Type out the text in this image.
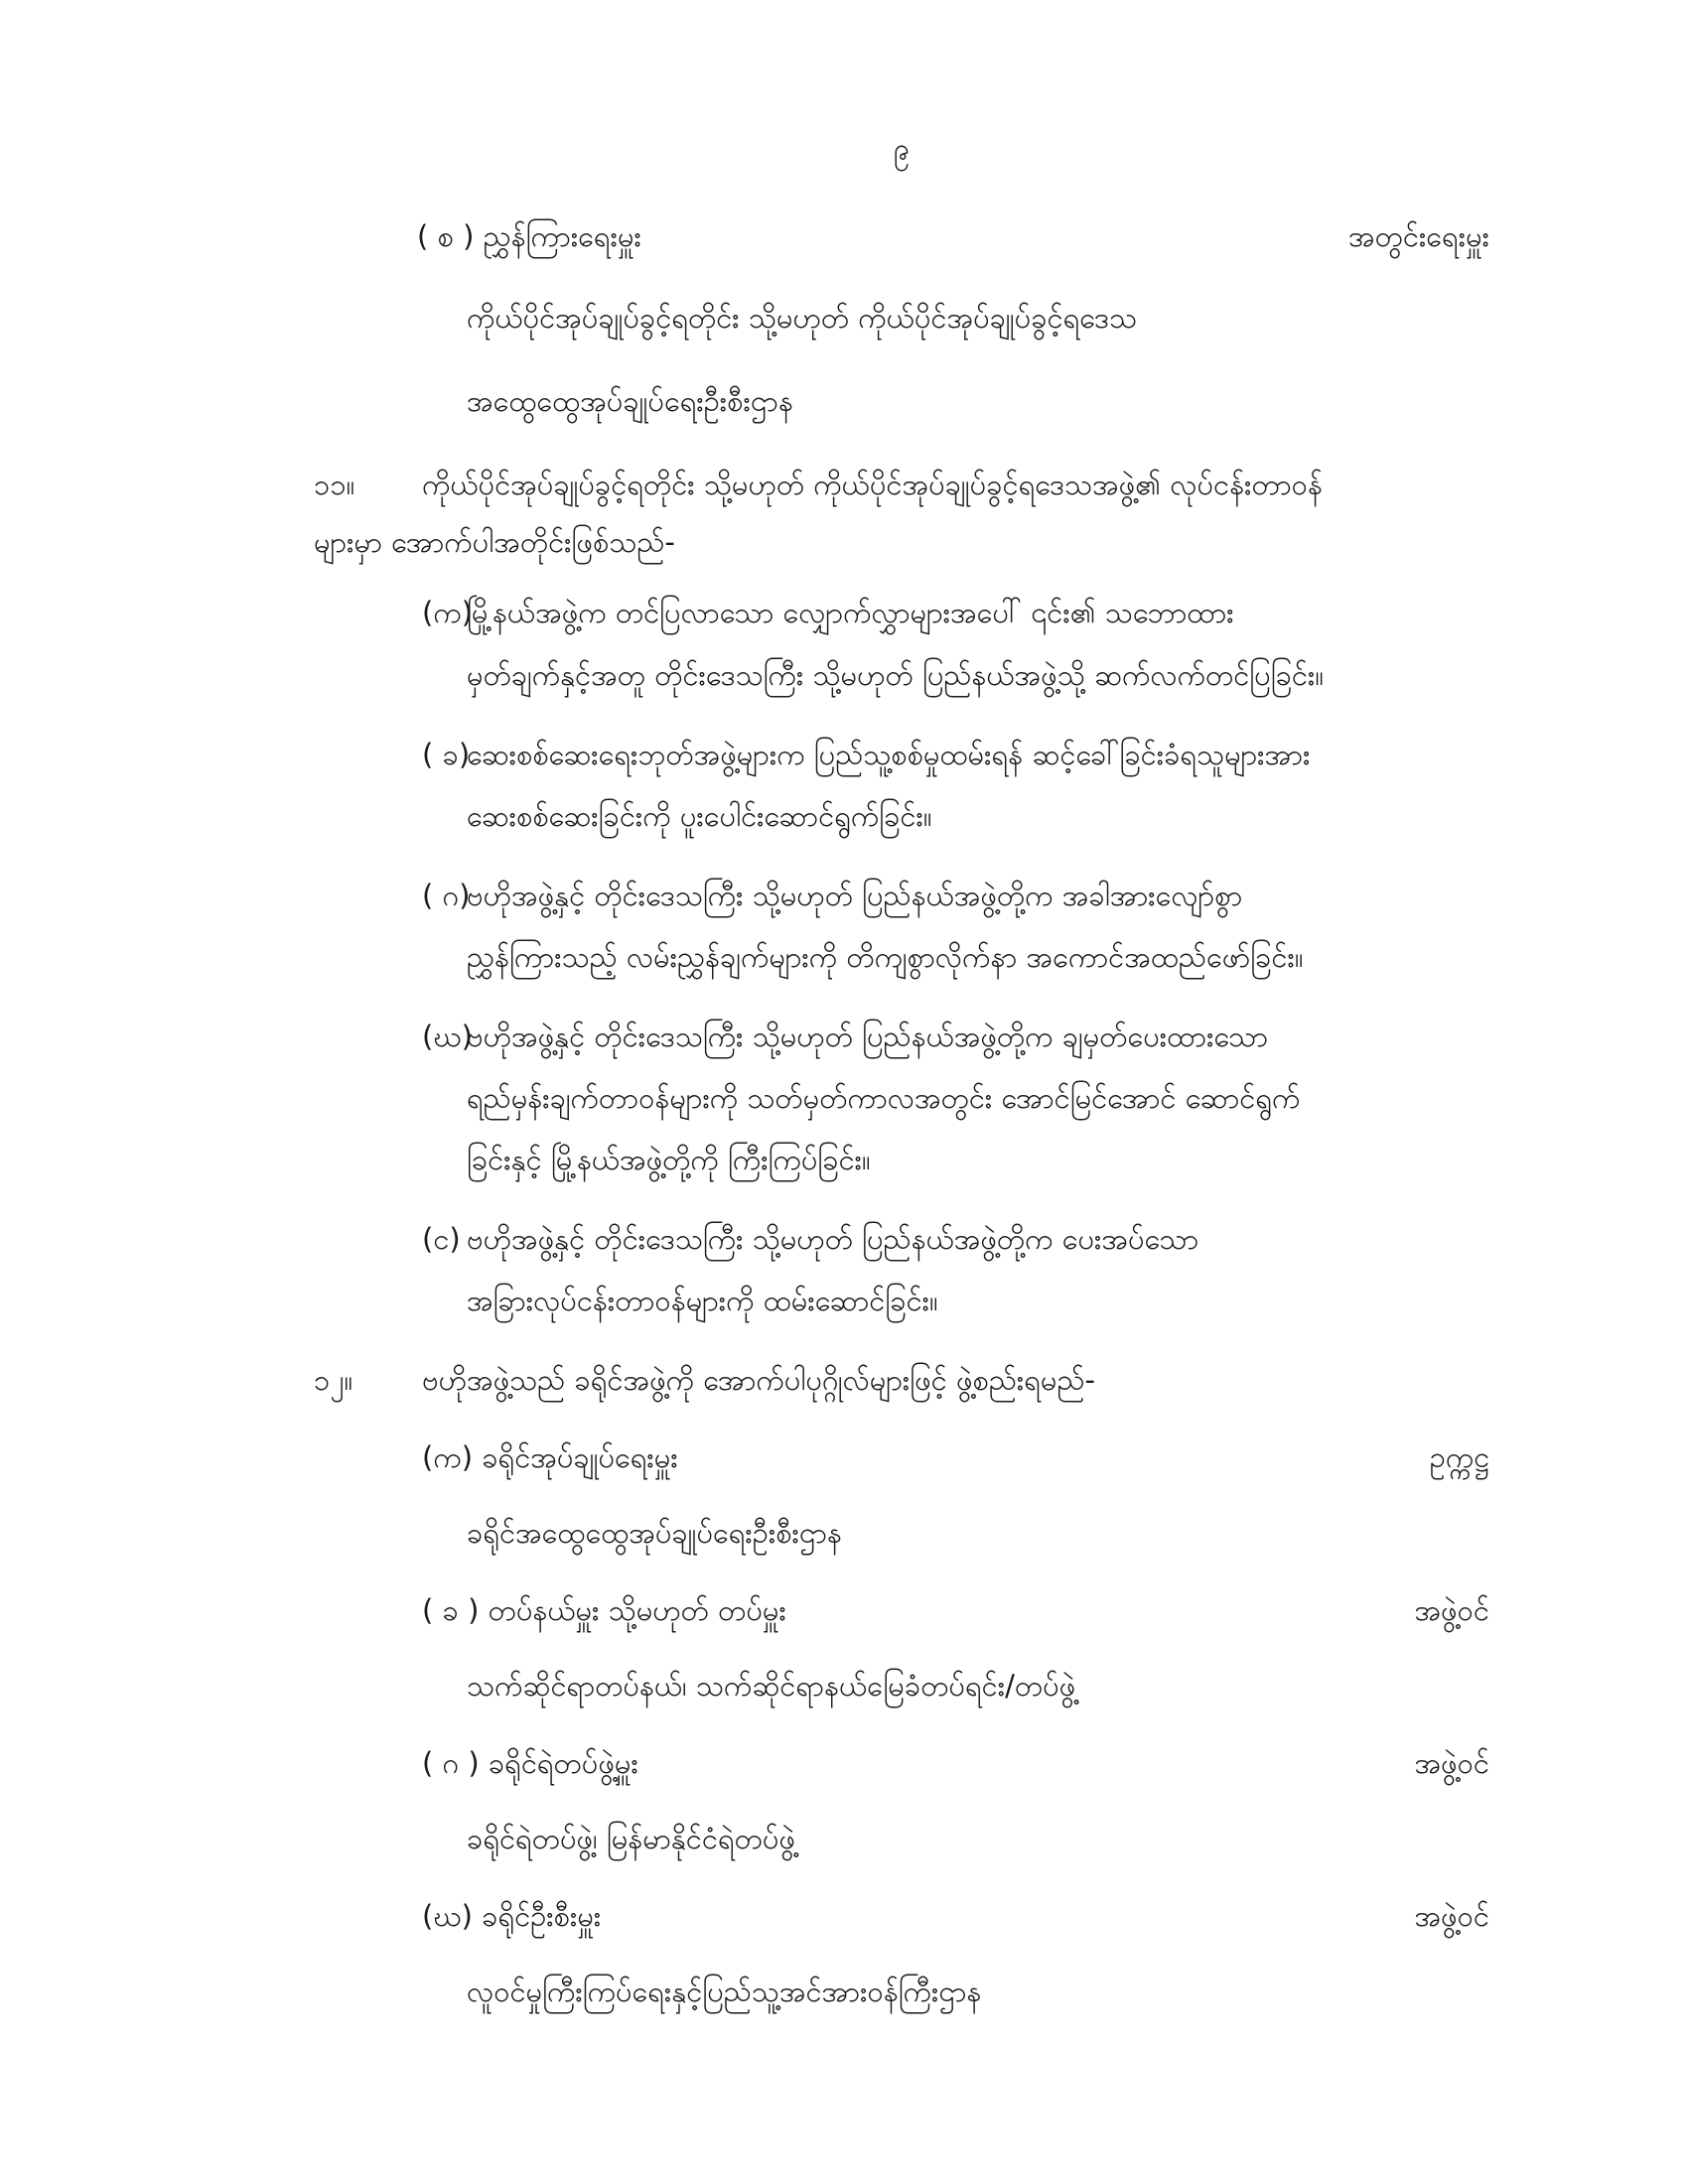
၉
( စ ) ညွှန်ကြားရေးမှူး	အတွင်းရေးမှူး
ကိုယ်ပိုင်အုပ်ချုပ်ခွင့်ရတိုင်း သို့မဟုတ် ကိုယ်ပိုင်အုပ်ချုပ်ခွင့်ရဒေသ
အထွေထွေအုပ်ချုပ်ရေးဦးစီးဌာန
၁၁။ ကိုယ်ပိုင်အုပ်ချုပ်ခွင့်ရတိုင်း သို့မဟုတ် ကိုယ်ပိုင်အုပ်ချုပ်ခွင့်ရဒေသအဖွဲ့၏ လုပ်ငန်းတာဝန်
များမှာ အောက်ပါအတိုင်းဖြစ်သည်-
(က)
မြို့နယ်အဖွဲ့က တင်ပြလာသော လျှောက်လွှာများအပေါ် ၎င်း၏ သဘောထား
မှတ်ချက်နှင့်အတူ တိုင်းဒေသကြီး သို့မဟုတ် ပြည်နယ်အဖွဲ့သို့ ဆက်လက်တင်ပြခြင်း။
( ခ)
ဆေးစစ်ဆေးရေးဘုတ်အဖွဲ့များက ပြည်သူ့စစ်မှုထမ်းရန် ဆင့်ခေါ်ခြင်းခံရသူများအား
ဆေးစစ်ဆေးခြင်းကို ပူးပေါင်းဆောင်ရွက်ခြင်း။
( ဂ)
ဗဟိုအဖွဲ့နှင့် တိုင်းဒေသကြီး သို့မဟုတ် ပြည်နယ်အဖွဲ့တို့က အခါအားလျော်စွာ
ညွှန်ကြားသည့် လမ်းညွှန်ချက်များကို တိကျစွာလိုက်နာ အကောင်အထည်ဖော်ခြင်း။
(ဃ)
ဗဟိုအဖွဲ့နှင့် တိုင်းဒေသကြီး သို့မဟုတ် ပြည်နယ်အဖွဲ့တို့က ချမှတ်ပေးထားသော
ရည်မှန်းချက်တာဝန်များကို သတ်မှတ်ကာလအတွင်း အောင်မြင်အောင် ဆောင်ရွက်
ခြင်းနှင့် မြို့နယ်အဖွဲ့တို့ကို ကြီးကြပ်ခြင်း။
(င) ဗဟိုအဖွဲ့နှင့် တိုင်းဒေသကြီး သို့မဟုတ် ပြည်နယ်အဖွဲ့တို့က ပေးအပ်သော
အခြားလုပ်ငန်းတာဝန်များကို ထမ်းဆောင်ခြင်း။
၁၂။ ဗဟိုအဖွဲ့သည် ခရိုင်အဖွဲ့ကို အောက်ပါပုဂ္ဂိုလ်များဖြင့် ဖွဲ့စည်းရမည်-
(က) ခရိုင်အုပ်ချုပ်ရေးမှူး	ဥက္ကဋ္ဌ
ခရိုင်အထွေထွေအုပ်ချုပ်ရေးဦးစီးဌာန
( ခ ) တပ်နယ်မှူး သို့မဟုတ် တပ်မှူး	အဖွဲ့ဝင်
သက်ဆိုင်ရာတပ်နယ်၊ သက်ဆိုင်ရာနယ်မြေခံတပ်ရင်း/တပ်ဖွဲ့
( ဂ ) ခရိုင်ရဲတပ်ဖွဲ့မှူး	အဖွဲ့ဝင်
ခရိုင်ရဲတပ်ဖွဲ့၊ မြန်မာနိုင်ငံရဲတပ်ဖွဲ့
(ဃ) ခရိုင်ဦးစီးမှူး	အဖွဲ့ဝင်
လူဝင်မှုကြီးကြပ်ရေးနှင့်ပြည်သူ့အင်အားဝန်ကြီးဌာန
